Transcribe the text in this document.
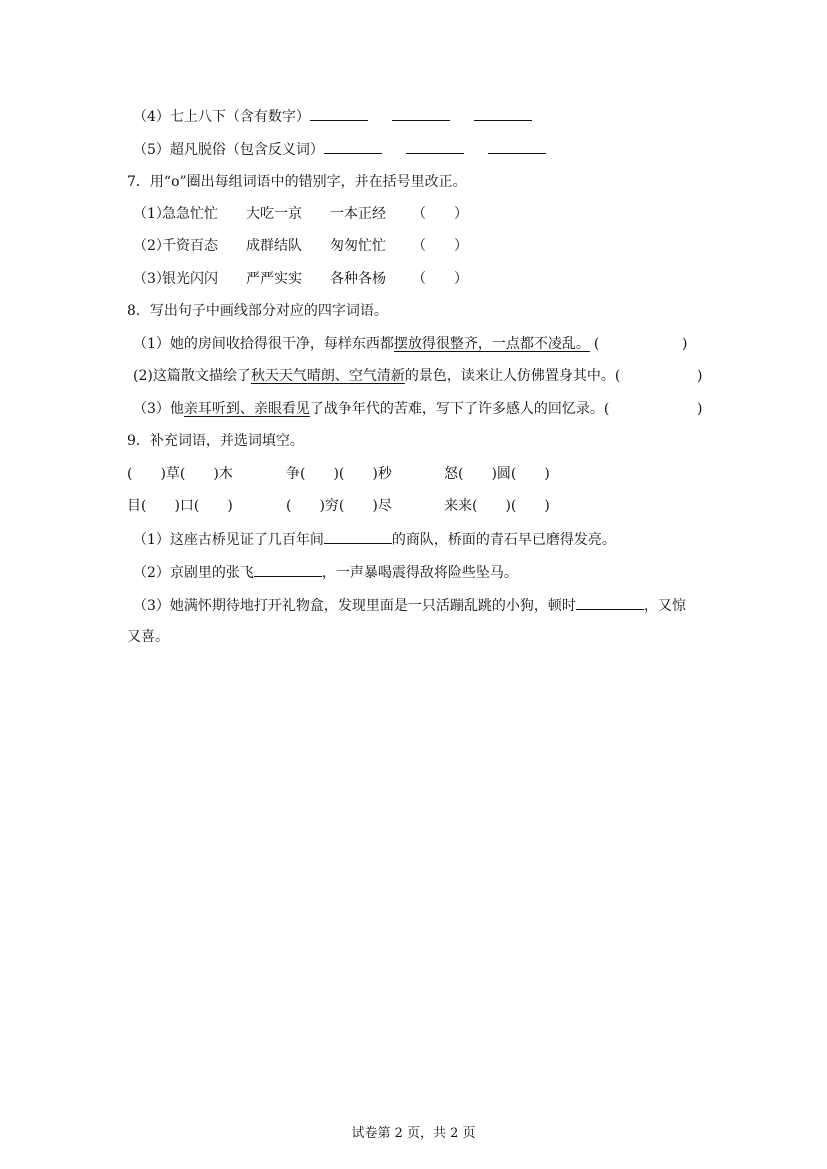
（4）七上八下（含有数字）
（5）超凡脱俗（包含反义词）
7．用“o”圈出每组词语中的错别字，并在括号里改正。
（1）
急急忙忙 大吃一京 一本正经 （　　）
（2）
千资百态 成群结队 匆匆忙忙 （　　）
（3）
银光闪闪 严严实实 各种各杨 （　　）
8．写出句子中画线部分对应的四字词语。
（1）她的房间收拾得很干净，每样东西都摆放得很整齐，一点都不凌乱。 (	)
(2)这篇散文描绘了秋天天气晴朗、空气清新的景色，读来让人仿佛置身其中。(	)
（3）他亲耳听到、亲眼看见了战争年代的苦难，写下了许多感人的回忆录。(	)
9．补充词语，并选词填空。
(　　)草(　　)木	争(　　)(　　)秒	怒(　　)圆(　　)
目(　　)口(　　)	(　　)穷(　　)尽	来来(　　)(　　)
（1）这座古桥见证了几百年间	的商队，桥面的青石早已磨得发亮。
（2）京剧里的张飞	，一声暴喝震得敌将险些坠马。
（3）她满怀期待地打开礼物盒，发现里面是一只活蹦乱跳的小狗，顿时	，又惊
又喜。
试卷第 2 页，共 2 页
